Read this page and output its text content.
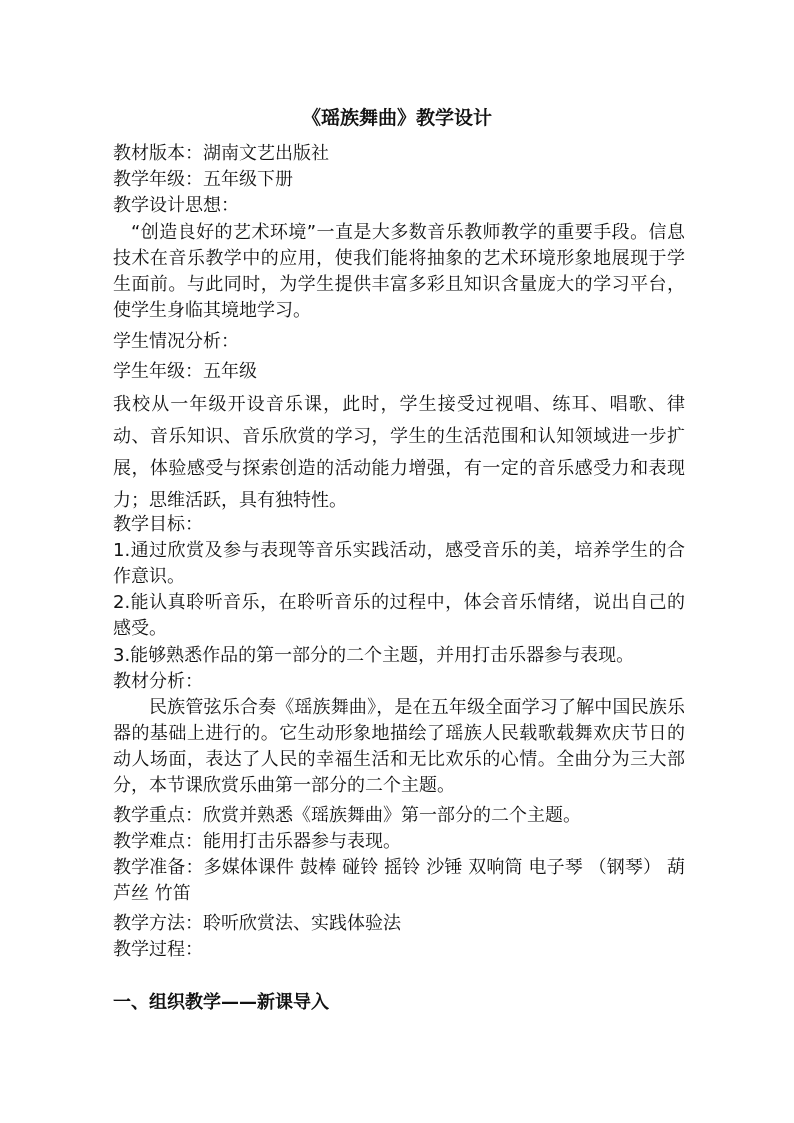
《瑶族舞曲》教学设计

教材版本：湖南文艺出版社

教学年级：五年级下册

教学设计思想：

“创造良好的艺术环境”一直是大多数音乐教师教学的重要手段。信息技术在音乐教学中的应用，使我们能将抽象的艺术环境形象地展现于学生面前。与此同时，为学生提供丰富多彩且知识含量庞大的学习平台，使学生身临其境地学习。

学生情况分析：

学生年级：五年级

我校从一年级开设音乐课，此时，学生接受过视唱、练耳、唱歌、律动、音乐知识、音乐欣赏的学习，学生的生活范围和认知领域进一步扩展，体验感受与探索创造的活动能力增强，有一定的音乐感受力和表现力；思维活跃，具有独特性。

教学目标：

1.通过欣赏及参与表现等音乐实践活动，感受音乐的美，培养学生的合作意识。

2.能认真聆听音乐，在聆听音乐的过程中，体会音乐情绪，说出自己的感受。

3.能够熟悉作品的第一部分的二个主题，并用打击乐器参与表现。

教材分析：

民族管弦乐合奏《瑶族舞曲》，是在五年级全面学习了解中国民族乐器的基础上进行的。它生动形象地描绘了瑶族人民载歌载舞欢庆节日的动人场面，表达了人民的幸福生活和无比欢乐的心情。全曲分为三大部分，本节课欣赏乐曲第一部分的二个主题。

教学重点：欣赏并熟悉《瑶族舞曲》第一部分的二个主题。

教学难点：能用打击乐器参与表现。

教学准备：多媒体课件 鼓棒 碰铃 摇铃 沙锤 双响筒 电子琴 （钢琴） 葫芦丝 竹笛

教学方法：聆听欣赏法、实践体验法

教学过程：

一、组织教学——新课导入
